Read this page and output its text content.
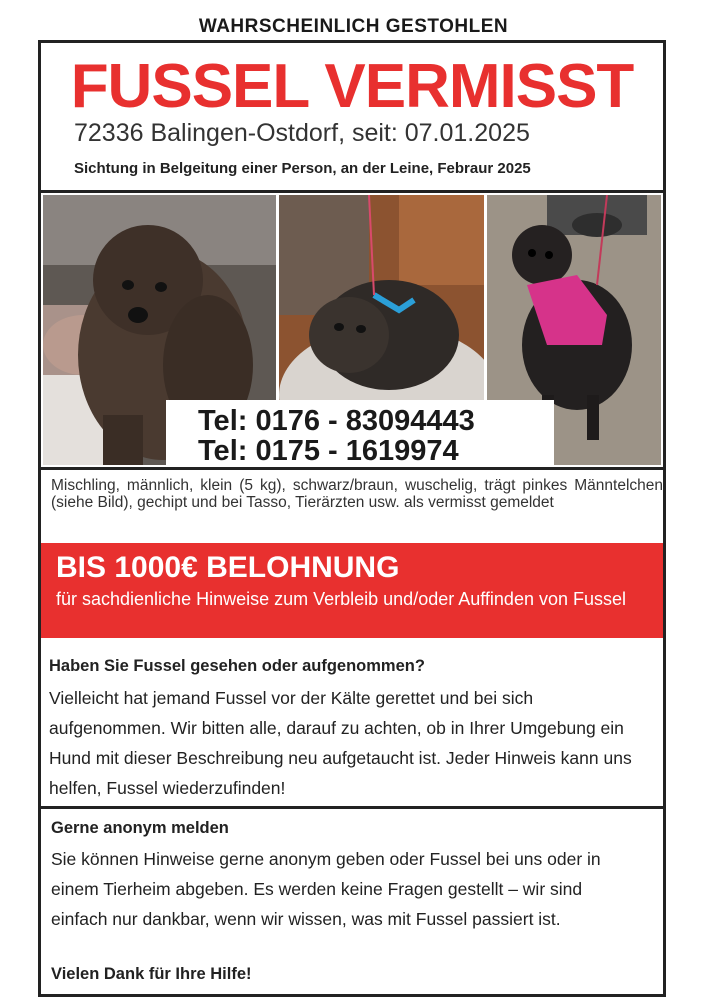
WAHRSCHEINLICH GESTOHLEN
FUSSEL VERMISST
72336 Balingen-Ostdorf, seit: 07.01.2025
Sichtung in Belgeitung einer Person, an der Leine, Febraur 2025
Tel: 0176 - 83094443
Tel: 0175 - 1619974
Mischling, männlich, klein (5 kg), schwarz/braun, wuschelig, trägt pinkes Männtelchen (siehe Bild), gechipt und bei Tasso, Tierärzten usw. als vermisst gemeldet
BIS 1000€ BELOHNUNG
für sachdienliche Hinweise zum Verbleib und/oder Auffinden von Fussel
Haben Sie Fussel gesehen oder aufgenommen?
Vielleicht hat jemand Fussel vor der Kälte gerettet und bei sich aufgenommen. Wir bitten alle, darauf zu achten, ob in Ihrer Umgebung ein Hund mit dieser Beschreibung neu aufgetaucht ist. Jeder Hinweis kann uns helfen, Fussel wiederzufinden!
Gerne anonym melden
Sie können Hinweise gerne anonym geben oder Fussel bei uns oder in einem Tierheim abgeben. Es werden keine Fragen gestellt – wir sind einfach nur dankbar, wenn wir wissen, was mit Fussel passiert ist.
Vielen Dank für Ihre Hilfe!
